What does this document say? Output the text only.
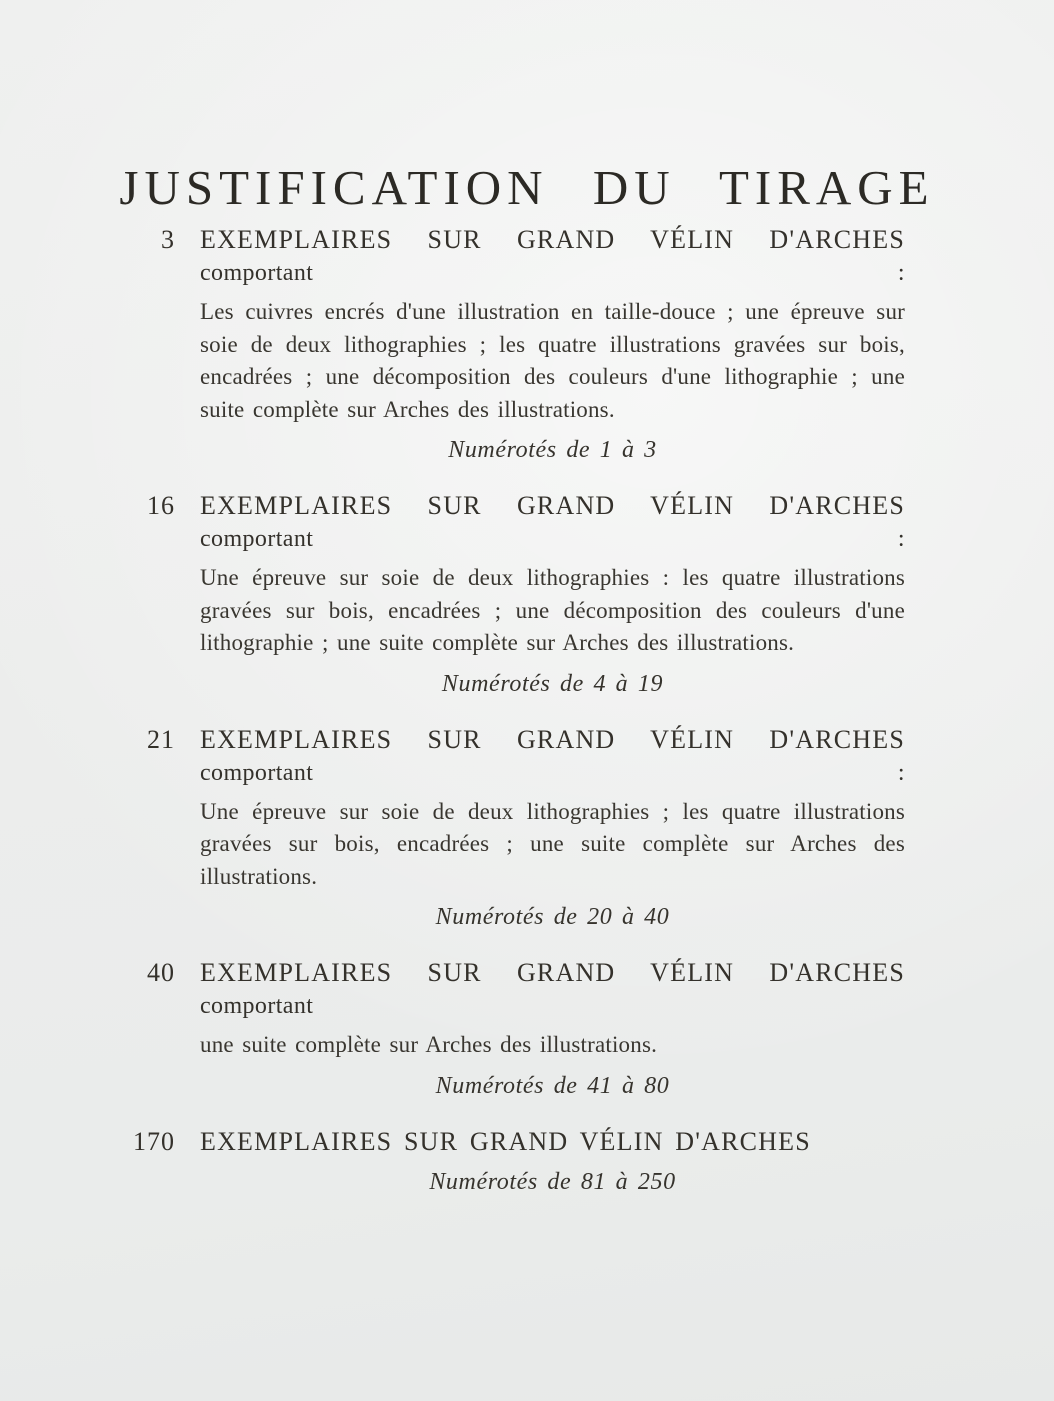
JUSTIFICATION DU TIRAGE
3 EXEMPLAIRES SUR GRAND VÉLIN D'ARCHES comportant :
Les cuivres encrés d'une illustration en taille-douce ; une épreuve sur soie de deux lithographies ; les quatre illustrations gravées sur bois, encadrées ; une décomposition des couleurs d'une lithographie ; une suite complète sur Arches des illustrations.
Numérotés de 1 à 3
16 EXEMPLAIRES SUR GRAND VÉLIN D'ARCHES comportant :
Une épreuve sur soie de deux lithographies : les quatre illustrations gravées sur bois, encadrées ; une décomposition des couleurs d'une lithographie ; une suite complète sur Arches des illustrations.
Numérotés de 4 à 19
21 EXEMPLAIRES SUR GRAND VÉLIN D'ARCHES comportant :
Une épreuve sur soie de deux lithographies ; les quatre illustrations gravées sur bois, encadrées ; une suite complète sur Arches des illustrations.
Numérotés de 20 à 40
40 EXEMPLAIRES SUR GRAND VÉLIN D'ARCHES comportant
une suite complète sur Arches des illustrations.
Numérotés de 41 à 80
170 EXEMPLAIRES SUR GRAND VÉLIN D'ARCHES
Numérotés de 81 à 250
